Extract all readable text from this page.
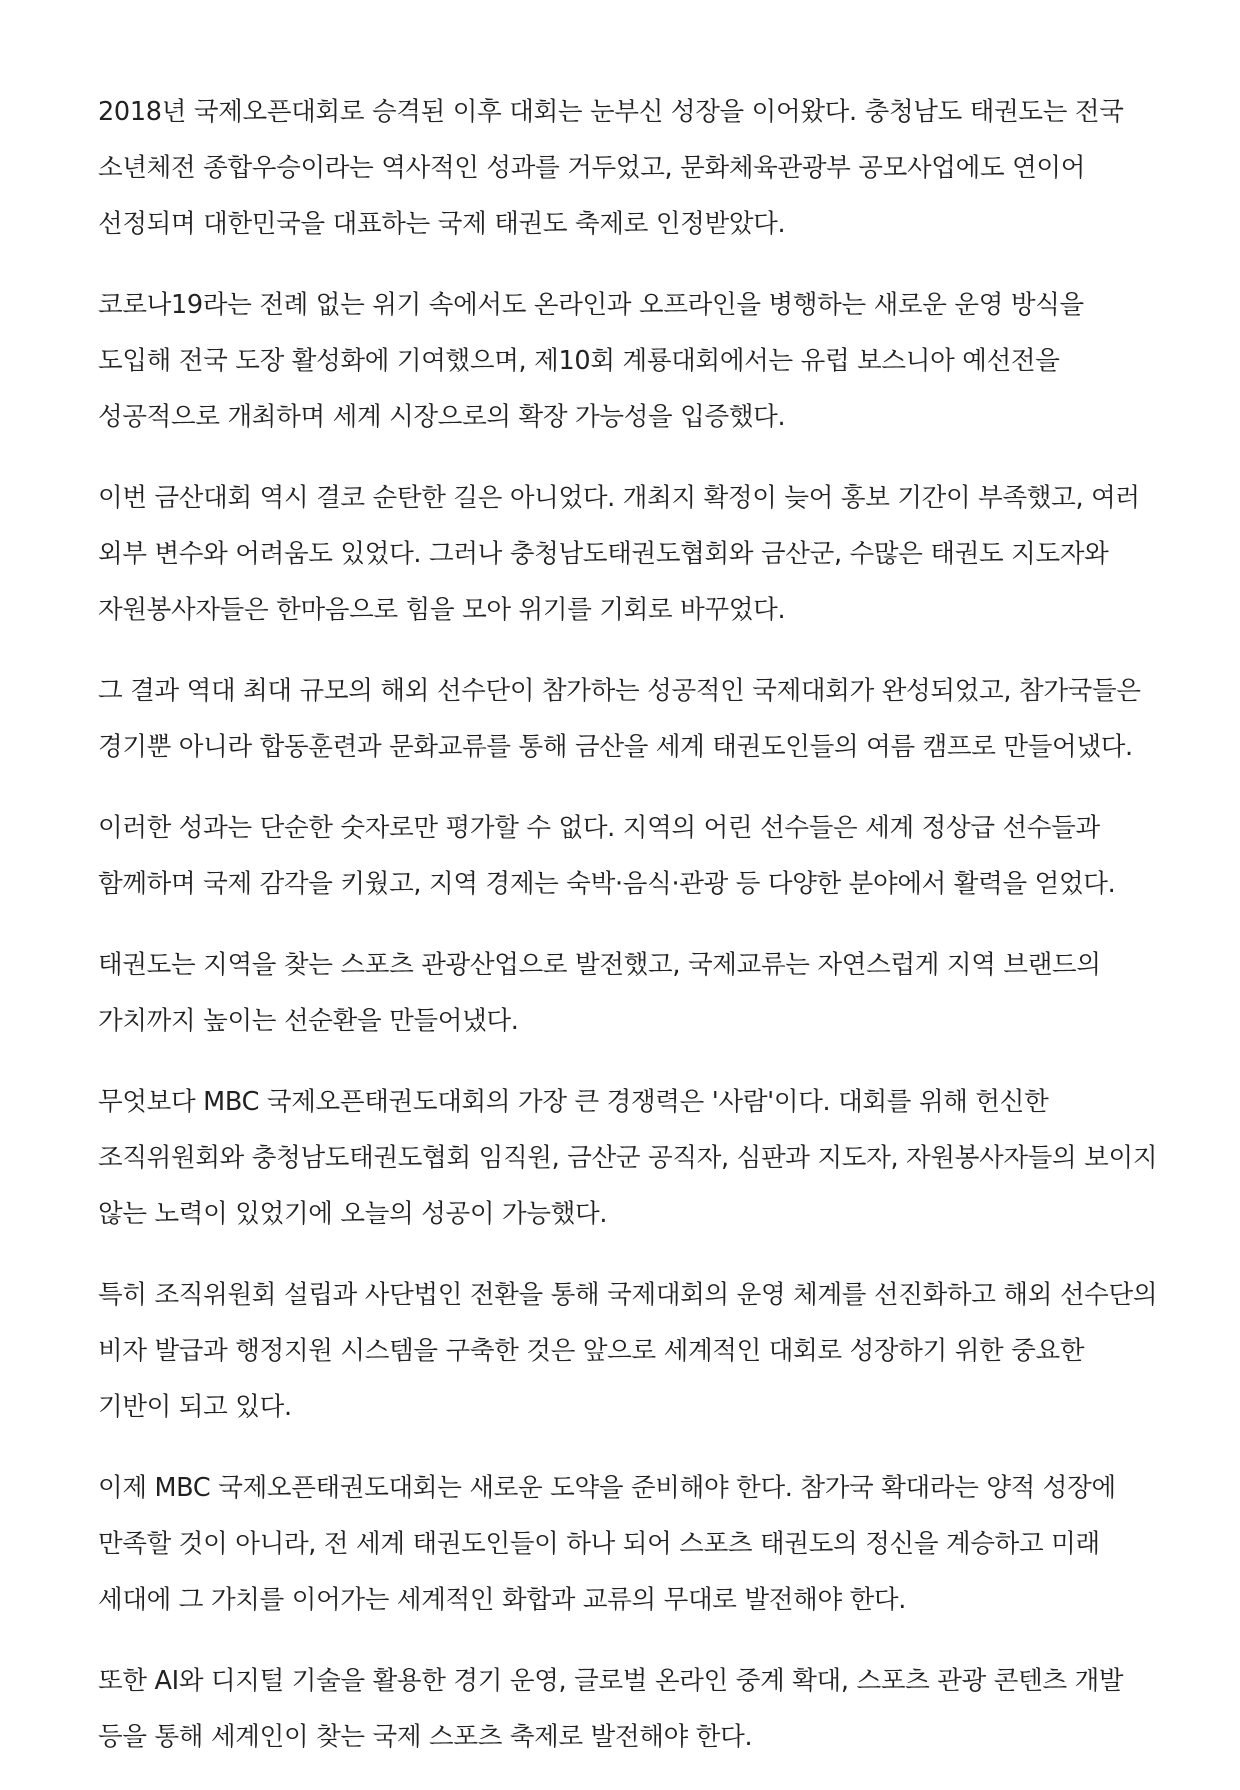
2018년 국제오픈대회로 승격된 이후 대회는 눈부신 성장을 이어왔다. 충청남도 태권도는 전국 소년체전 종합우승이라는 역사적인 성과를 거두었고, 문화체육관광부 공모사업에도 연이어 선정되며 대한민국을 대표하는 국제 태권도 축제로 인정받았다.

코로나19라는 전례 없는 위기 속에서도 온라인과 오프라인을 병행하는 새로운 운영 방식을 도입해 전국 도장 활성화에 기여했으며, 제10회 계룡대회에서는 유럽 보스니아 예선전을 성공적으로 개최하며 세계 시장으로의 확장 가능성을 입증했다.

이번 금산대회 역시 결코 순탄한 길은 아니었다. 개최지 확정이 늦어 홍보 기간이 부족했고, 여러 외부 변수와 어려움도 있었다. 그러나 충청남도태권도협회와 금산군, 수많은 태권도 지도자와 자원봉사자들은 한마음으로 힘을 모아 위기를 기회로 바꾸었다.

그 결과 역대 최대 규모의 해외 선수단이 참가하는 성공적인 국제대회가 완성되었고, 참가국들은 경기뿐 아니라 합동훈련과 문화교류를 통해 금산을 세계 태권도인들의 여름 캠프로 만들어냈다.

이러한 성과는 단순한 숫자로만 평가할 수 없다. 지역의 어린 선수들은 세계 정상급 선수들과 함께하며 국제 감각을 키웠고, 지역 경제는 숙박·음식·관광 등 다양한 분야에서 활력을 얻었다.

태권도는 지역을 찾는 스포츠 관광산업으로 발전했고, 국제교류는 자연스럽게 지역 브랜드의 가치까지 높이는 선순환을 만들어냈다.

무엇보다 MBC 국제오픈태권도대회의 가장 큰 경쟁력은 '사람'이다. 대회를 위해 헌신한 조직위원회와 충청남도태권도협회 임직원, 금산군 공직자, 심판과 지도자, 자원봉사자들의 보이지 않는 노력이 있었기에 오늘의 성공이 가능했다.

특히 조직위원회 설립과 사단법인 전환을 통해 국제대회의 운영 체계를 선진화하고 해외 선수단의 비자 발급과 행정지원 시스템을 구축한 것은 앞으로 세계적인 대회로 성장하기 위한 중요한 기반이 되고 있다.

이제 MBC 국제오픈태권도대회는 새로운 도약을 준비해야 한다. 참가국 확대라는 양적 성장에 만족할 것이 아니라, 전 세계 태권도인들이 하나 되어 스포츠 태권도의 정신을 계승하고 미래 세대에 그 가치를 이어가는 세계적인 화합과 교류의 무대로 발전해야 한다.

또한 AI와 디지털 기술을 활용한 경기 운영, 글로벌 온라인 중계 확대, 스포츠 관광 콘텐츠 개발 등을 통해 세계인이 찾는 국제 스포츠 축제로 발전해야 한다.
